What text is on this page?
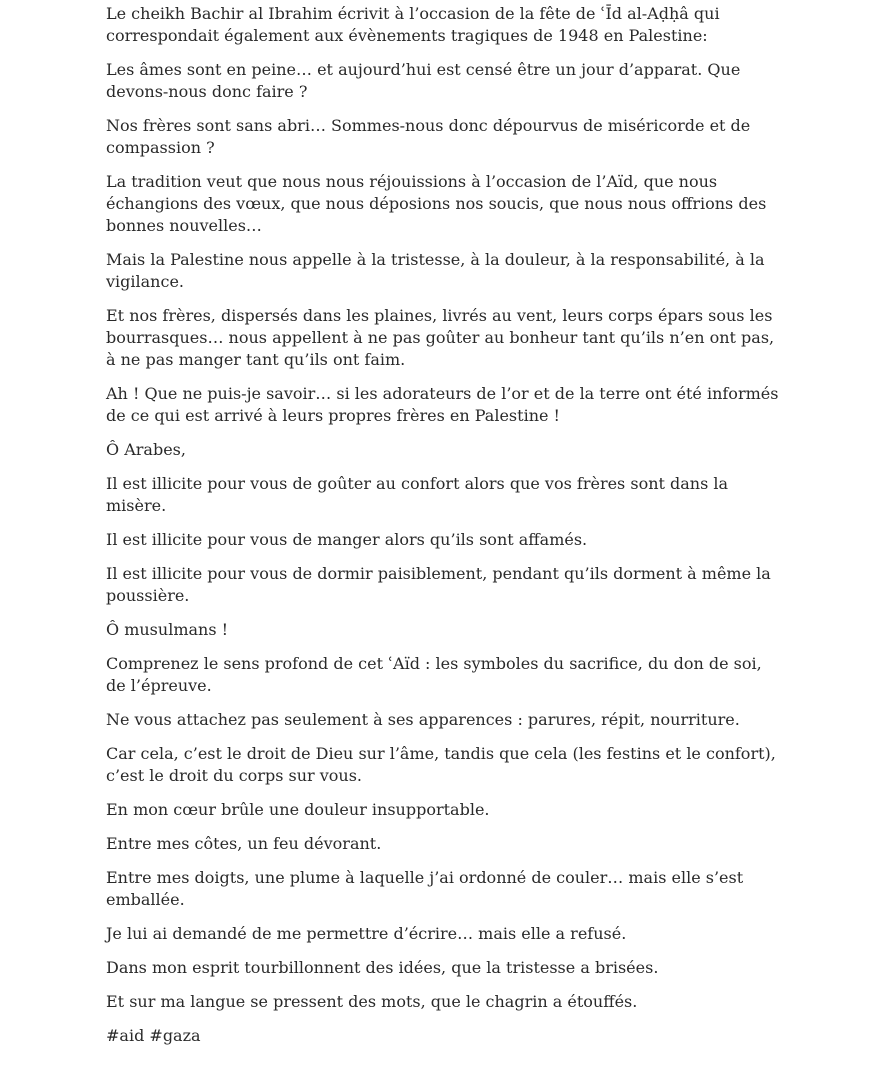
Le cheikh Bachir al Ibrahim écrivit à l’occasion de la fête de ʿĪd al-Aḍḥâ qui correspondait également aux évènements tragiques de 1948 en Palestine:

Les âmes sont en peine… et aujourd’hui est censé être un jour d’apparat. Que devons-nous donc faire ?

Nos frères sont sans abri… Sommes-nous donc dépourvus de miséricorde et de compassion ?

La tradition veut que nous nous réjouissions à l’occasion de l’Aïd, que nous échangions des vœux, que nous déposions nos soucis, que nous nous offrions des bonnes nouvelles…

Mais la Palestine nous appelle à la tristesse, à la douleur, à la responsabilité, à la vigilance.

Et nos frères, dispersés dans les plaines, livrés au vent, leurs corps épars sous les bourrasques… nous appellent à ne pas goûter au bonheur tant qu’ils n’en ont pas, à ne pas manger tant qu’ils ont faim.

Ah ! Que ne puis-je savoir… si les adorateurs de l’or et de la terre ont été informés de ce qui est arrivé à leurs propres frères en Palestine !

Ô Arabes,

Il est illicite pour vous de goûter au confort alors que vos frères sont dans la misère.

Il est illicite pour vous de manger alors qu’ils sont affamés.

Il est illicite pour vous de dormir paisiblement, pendant qu’ils dorment à même la poussière.

Ô musulmans !

Comprenez le sens profond de cet ʿAïd : les symboles du sacrifice, du don de soi, de l’épreuve.

Ne vous attachez pas seulement à ses apparences : parures, répit, nourriture.

Car cela, c’est le droit de Dieu sur l’âme, tandis que cela (les festins et le confort), c’est le droit du corps sur vous.

En mon cœur brûle une douleur insupportable.

Entre mes côtes, un feu dévorant.

Entre mes doigts, une plume à laquelle j’ai ordonné de couler… mais elle s’est emballée.

Je lui ai demandé de me permettre d’écrire… mais elle a refusé.

Dans mon esprit tourbillonnent des idées, que la tristesse a brisées.

Et sur ma langue se pressent des mots, que le chagrin a étouffés.

#aid #gaza
